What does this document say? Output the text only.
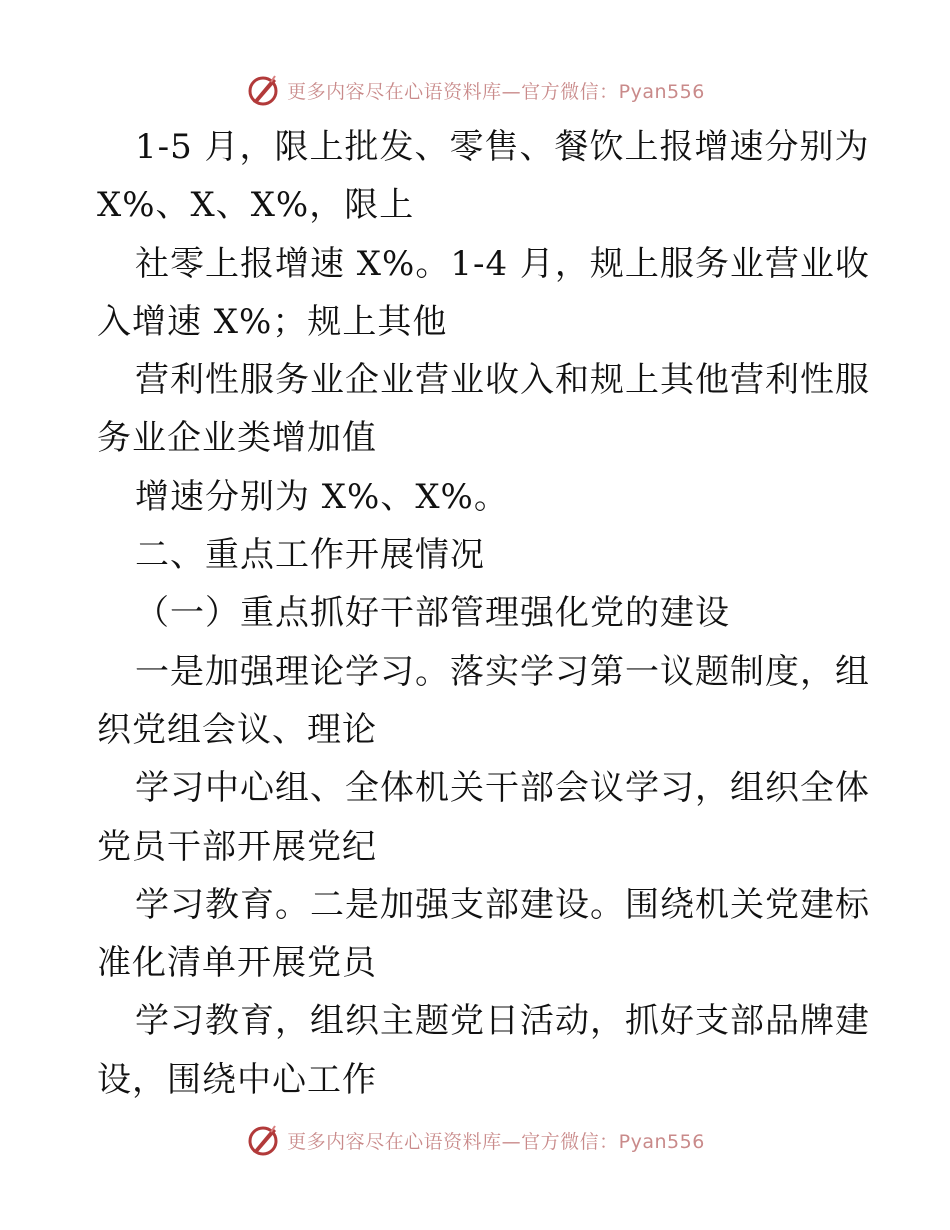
更多内容尽在心语资料库—官方微信：Pyan556
1-5 月，限上批发、零售、餐饮上报增速分别为
X%、X、X%，限上
社零上报增速 X%。1-4 月，规上服务业营业收
入增速 X%；规上其他
营利性服务业企业营业收入和规上其他营利性服
务业企业类增加值
增速分别为 X%、X%。
二、重点工作开展情况
（一）重点抓好干部管理强化党的建设
一是加强理论学习。落实学习第一议题制度，组
织党组会议、理论
学习中心组、全体机关干部会议学习，组织全体
党员干部开展党纪
学习教育。二是加强支部建设。围绕机关党建标
准化清单开展党员
学习教育，组织主题党日活动，抓好支部品牌建
设，围绕中心工作
更多内容尽在心语资料库—官方微信：Pyan556
